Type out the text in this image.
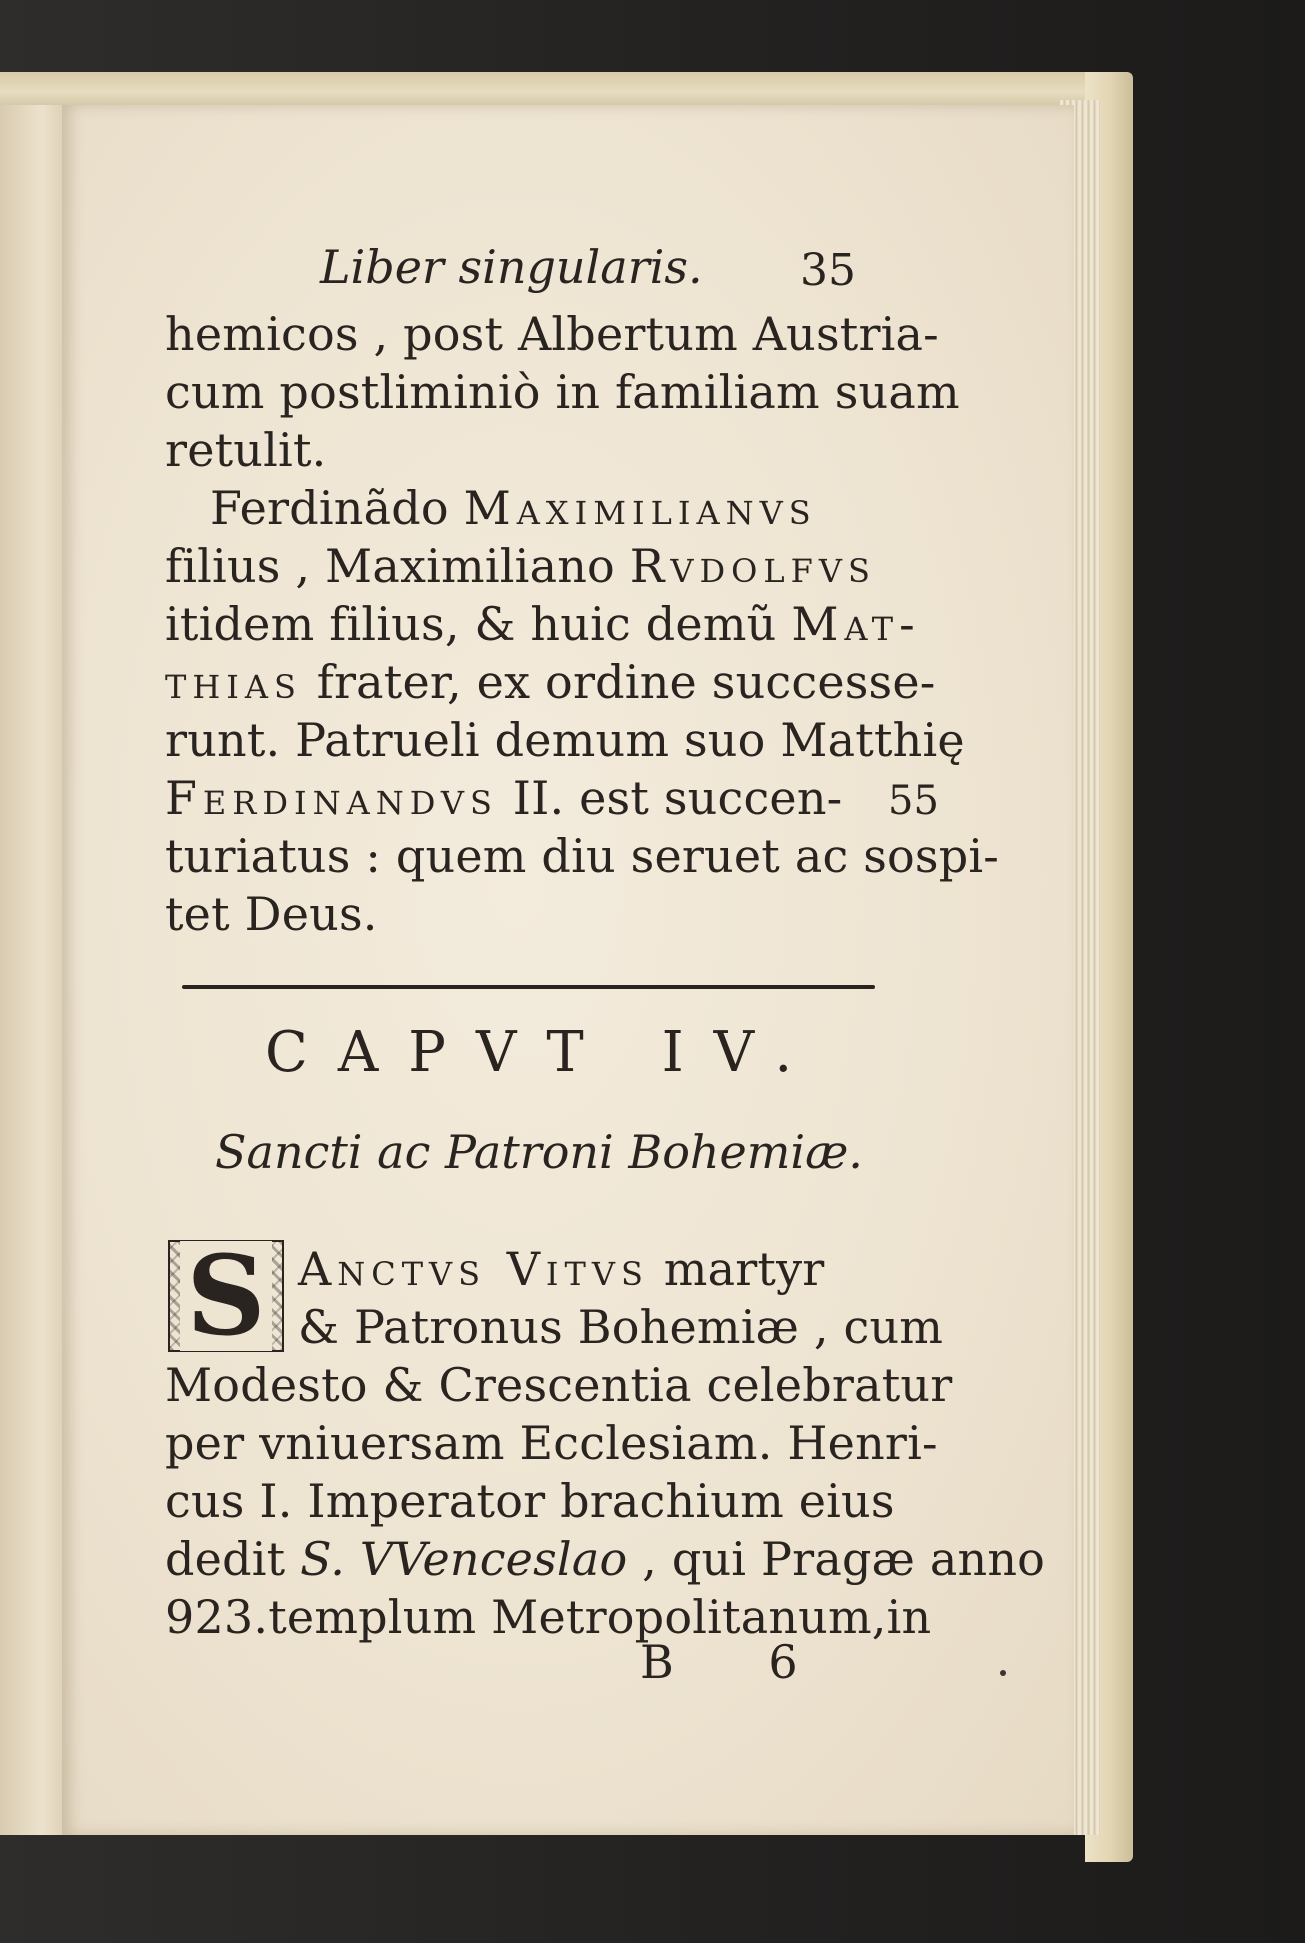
Liber singularis. 35
hemicos , post Albertum Austria-
cum postliminiò in familiam suam
retulit.
Ferdinãdo Maximilianvs
filius , Maximiliano Rvdolfvs
itidem filius, & huic demũ Mat-
thias frater, ex ordine successe-
runt. Patrueli demum suo Matthię
Ferdinandvs II. est succen-
turiatus : quem diu seruet ac sospi-
tet Deus.
55
CAPVT IV.
Sancti ac Patroni Bohemiæ.
S Anctvs Vitvs martyr
& Patronus Bohemiæ , cum
Modesto & Crescentia celebratur
per vniuersam Ecclesiam. Henri-
cus I. Imperator brachium eius
dedit S. VVenceslao , qui Pragæ anno
923.templum Metropolitanum,in
B 6
